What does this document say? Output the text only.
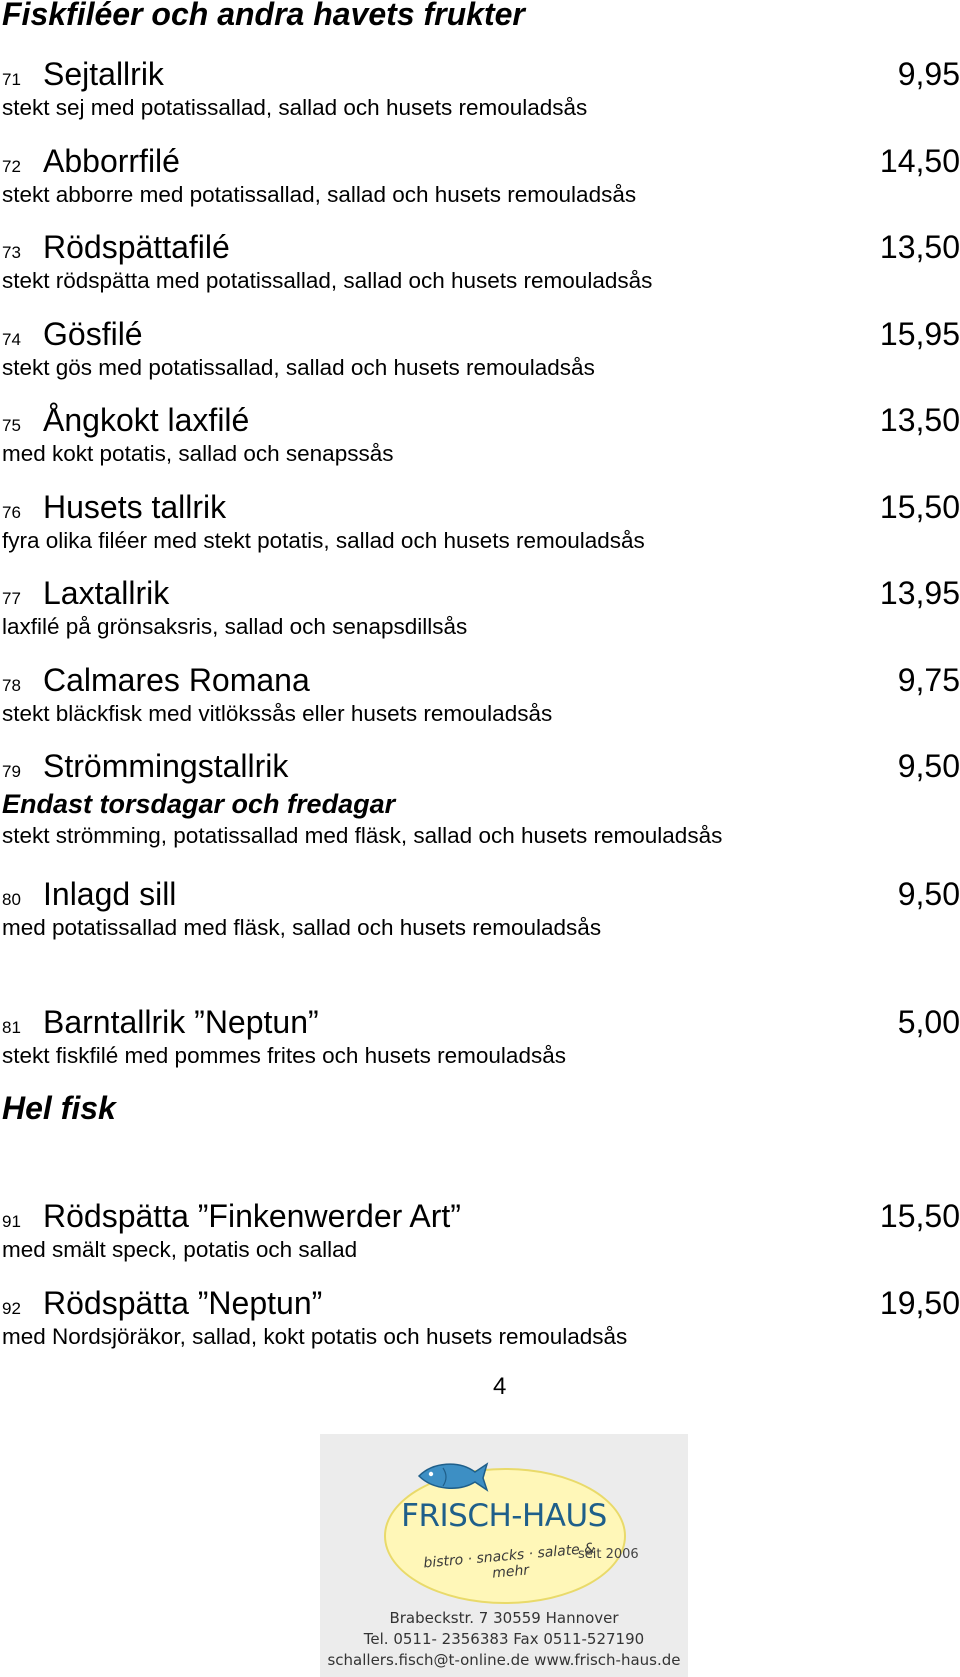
Fiskfiléer och andra havets frukter
Hel fisk
71 Sejtallrik	9,95
stekt sej med potatissallad, sallad och husets remouladsås
72 Abborrfilé	14,50
stekt abborre med potatissallad, sallad och husets remouladsås
73 Rödspättafilé	13,50
stekt rödspätta med potatissallad, sallad och husets remouladsås
74 Gösfilé	15,95
stekt gös med potatissallad, sallad och husets remouladsås
75 Ångkokt laxfilé	13,50
med kokt potatis, sallad och senapssås
76 Husets tallrik	15,50
fyra olika filéer med stekt potatis, sallad och husets remouladsås
77 Laxtallrik	13,95
laxfilé på grönsaksris, sallad och senapsdillsås
78 Calmares Romana	9,75
stekt bläckfisk med vitlökssås eller husets remouladsås
79 Strömmingstallrik	9,50
Endast torsdagar och fredagar
stekt strömming, potatissallad med fläsk, sallad och husets remouladsås
80 Inlagd sill	9,50
med potatissallad med fläsk, sallad och husets remouladsås
81 Barntallrik ”Neptun”	5,00
stekt fiskfilé med pommes frites och husets remouladsås
91 Rödspätta ”Finkenwerder Art”	15,50
med smält speck, potatis och sallad
92 Rödspätta ”Neptun”	19,50
med Nordsjöräkor, sallad, kokt potatis och husets remouladsås
4
FRISCH-HAUS
bistro · snacks · salate & mehr
seit 2006
Brabeckstr. 7 30559 Hannover
Tel. 0511- 2356383 Fax 0511-527190
schallers.fisch@t-online.de www.frisch-haus.de
